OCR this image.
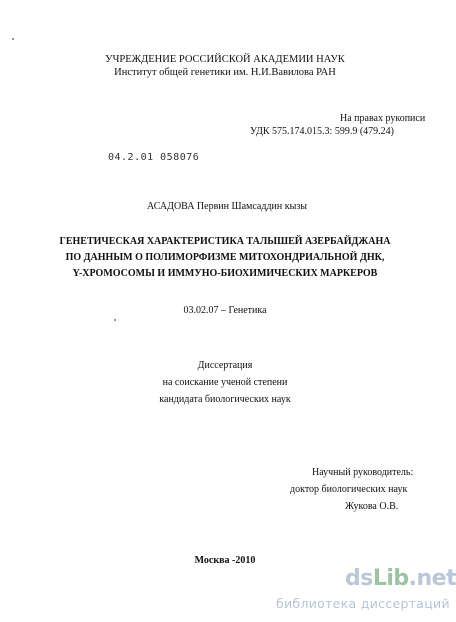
УЧРЕЖДЕНИЕ РОССИЙСКОЙ АКАДЕМИИ НАУК
Институт общей генетики им. Н.И.Вавилова РАН
На правах рукописи
УДК 575.174.015.3: 599.9 (479.24)
04.2.01 058076
АСАДОВА Первин Шамсаддин кызы
ГЕНЕТИЧЕСКАЯ ХАРАКТЕРИСТИКА ТАЛЫШЕЙ АЗЕРБАЙДЖАНА
ПО ДАННЫМ О ПОЛИМОРФИЗМЕ МИТОХОНДРИАЛЬНОЙ ДНК,
Y-ХРОМОСОМЫ И ИММУНО-БИОХИМИЧЕСКИХ МАРКЕРОВ
03.02.07 – Генетика
Диссертация
на соискание ученой степени
кандидата биологических наук
Научный руководитель:
доктор биологических наук
Жукова О.В.
Москва -2010
dsLib.net
библиотека диссертаций
